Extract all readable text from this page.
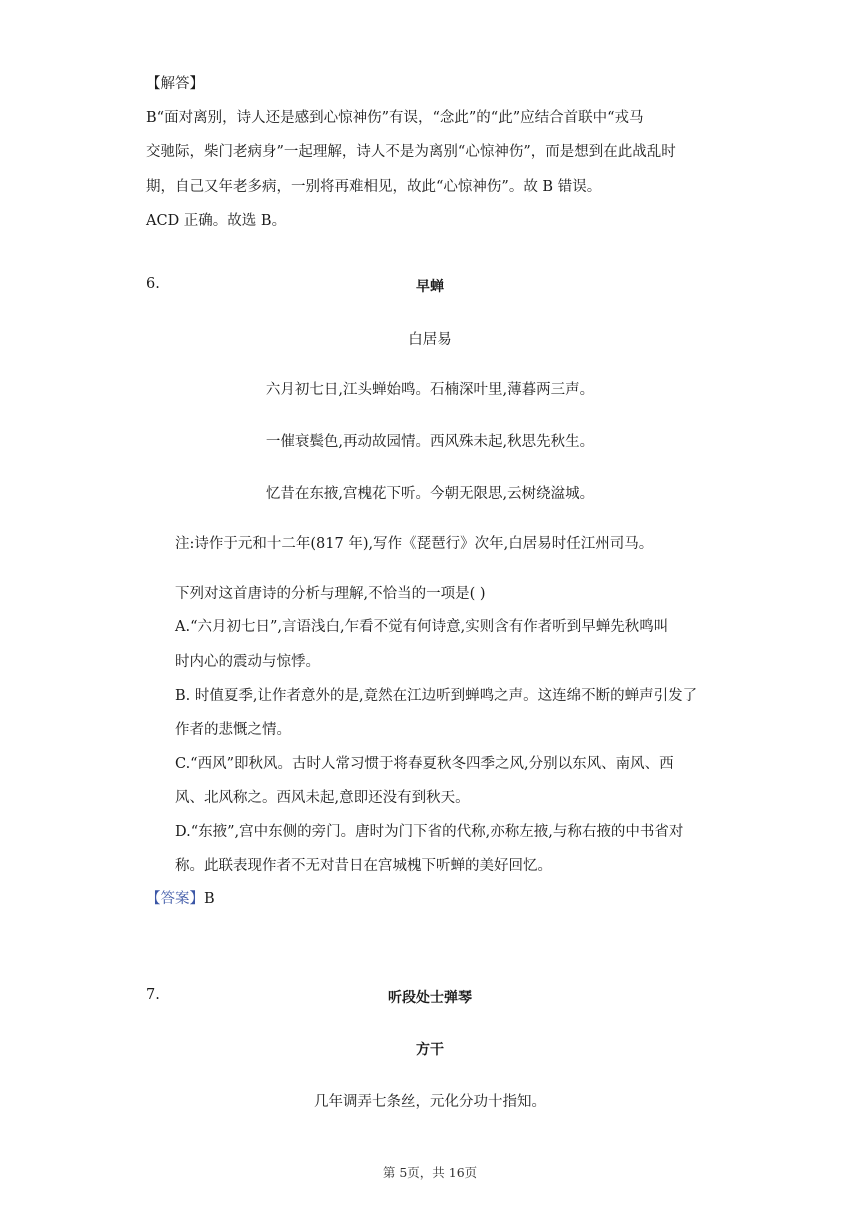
【解答】
B“面对离别，诗人还是感到心惊神伤”有误，“念此”的“此”应结合首联中“戎马
交驰际，柴门老病身”一起理解，诗人不是为离别“心惊神伤”，而是想到在此战乱时
期，自己又年老多病，一别将再难相见，故此“心惊神伤”。故 B 错误。
ACD 正确。故选 B。
6.	早蝉
白居易
六月初七日,江头蝉始鸣。石楠深叶里,薄暮两三声。
一催衰鬓色,再动故园情。西风殊未起,秋思先秋生。
忆昔在东掖,宫槐花下听。今朝无限思,云树绕湓城。
注:诗作于元和十二年(817 年),写作《琵琶行》次年,白居易时任江州司马。
下列对这首唐诗的分析与理解,不恰当的一项是( )
A.“六月初七日”,言语浅白,乍看不觉有何诗意,实则含有作者听到早蝉先秋鸣叫
时内心的震动与惊悸。
B. 时值夏季,让作者意外的是,竟然在江边听到蝉鸣之声。这连绵不断的蝉声引发了
作者的悲慨之情。
C.“西风”即秋风。古时人常习惯于将春夏秋冬四季之风,分别以东风、南风、西
风、北风称之。西风未起,意即还没有到秋天。
D.“东掖”,宫中东侧的旁门。唐时为门下省的代称,亦称左掖,与称右掖的中书省对
称。此联表现作者不无对昔日在宫城槐下听蝉的美好回忆。
【答案】B
7.	听段处士弹琴
方干
几年调弄七条丝，元化分功十指知。
第 5页，共 16页
